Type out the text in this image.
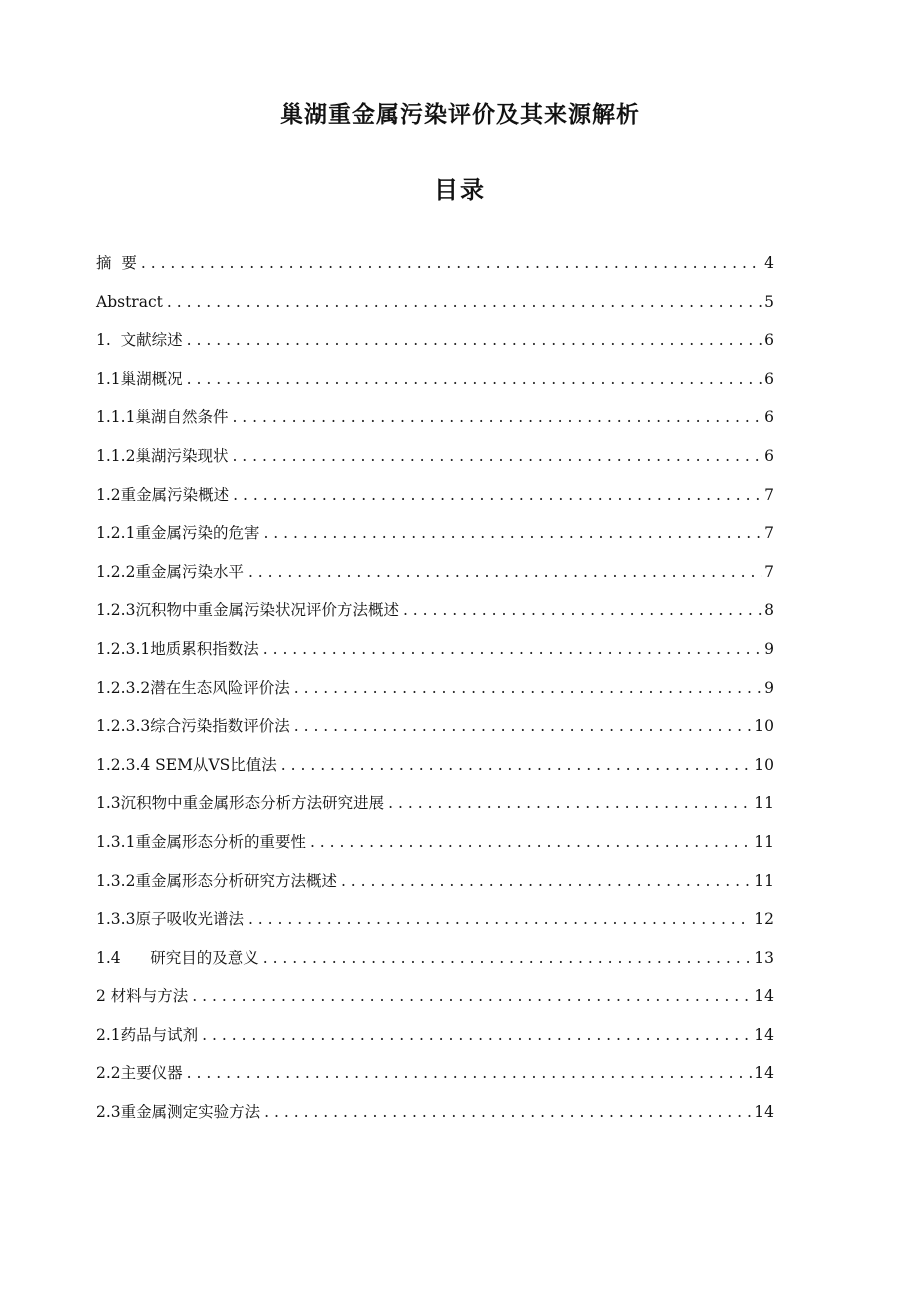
巢湖重金属污染评价及其来源解析
目录
摘  要 . . .	4
Abstract . . .	5
1.  文献综述 . . .	6
1.1巢湖概况 . . .	6
1.1.1巢湖自然条件 . . .	6
1.1.2巢湖污染现状 . . .	6
1.2重金属污染概述 . . .	7
1.2.1重金属污染的危害 . . .	7
1.2.2重金属污染水平 . . .	7
1.2.3沉积物中重金属污染状况评价方法概述 . . .	8
1.2.3.1地质累积指数法 . . .	9
1.2.3.2潜在生态风险评价法 . . .	9
1.2.3.3综合污染指数评价法 . . .	10
1.2.3.4 SEM从VS比值法 . . .	10
1.3沉积物中重金属形态分析方法研究进展 . . .	11
1.3.1重金属形态分析的重要性 . . .	11
1.3.2重金属形态分析研究方法概述 . . .	11
1.3.3原子吸收光谱法 . . .	12
1.4      研究目的及意义 . . .	13
2 材料与方法 . . .	14
2.1药品与试剂 . . .	14
2.2主要仪器 . . .	14
2.3重金属测定实验方法 . . .	14
